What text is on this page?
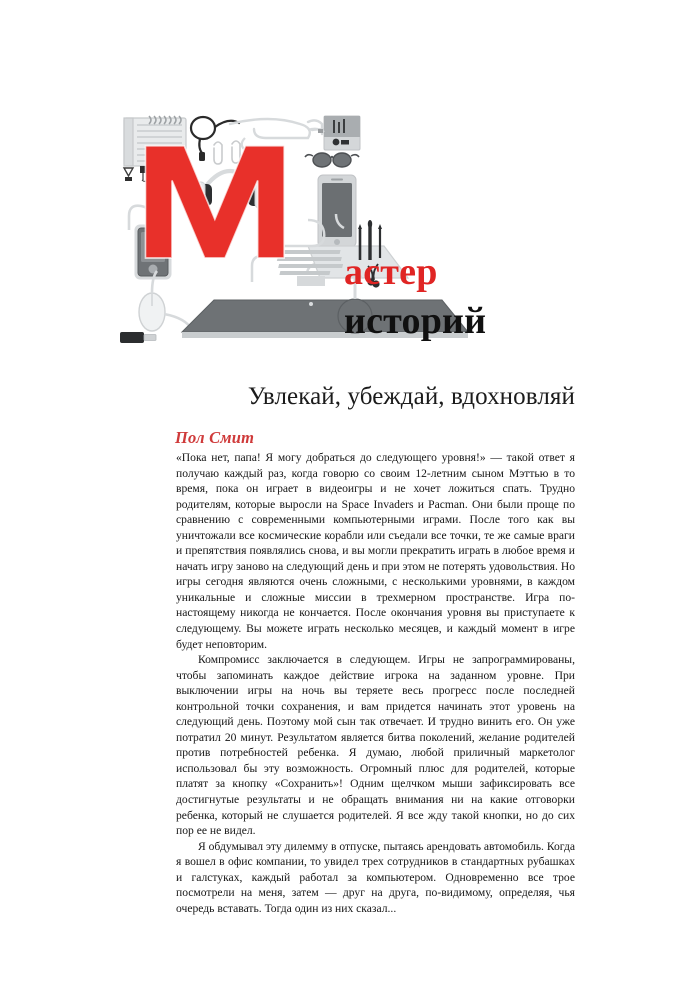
астер
историй
Увлекай, убеждай, вдохновляй
Пол Смит

«Пока нет, папа! Я могу добраться до следующего уровня!» — такой ответ я получаю каждый раз, когда говорю со своим 12-летним сыном Мэттью в то время, пока он играет в видеоигры и не хочет ложиться спать. Трудно родителям, которые выросли на Space Invaders и Pacman. Они были проще по сравнению с современными компьютерными играми. После того как вы уничтожали все космические корабли или съедали все точки, те же самые враги и препятствия появлялись снова, и вы могли прекратить играть в любое время и начать игру заново на следующий день и при этом не потерять удовольствия. Но игры сегодня являются очень сложными, с несколькими уровнями, в каждом уникальные и сложные миссии в трехмерном пространстве. Игра по-настоящему никогда не кончается. После окончания уровня вы приступаете к следующему. Вы можете играть несколько месяцев, и каждый момент в игре будет неповторим.

Компромисс заключается в следующем. Игры не запрограммированы, чтобы запоминать каждое действие игрока на заданном уровне. При выключении игры на ночь вы теряете весь прогресс после последней контрольной точки сохранения, и вам придется начинать этот уровень на следующий день. Поэтому мой сын так отвечает. И трудно винить его. Он уже потратил 20 минут. Результатом является битва поколений, желание родителей против потребностей ребенка. Я думаю, любой приличный маркетолог использовал бы эту возможность. Огромный плюс для родителей, которые платят за кнопку «Сохранить»! Одним щелчком мыши зафиксировать все достигнутые результаты и не обращать внимания ни на какие отговорки ребенка, который не слушается родителей. Я все жду такой кнопки, но до сих пор ее не видел.

Я обдумывал эту дилемму в отпуске, пытаясь арендовать автомобиль. Когда я вошел в офис компании, то увидел трех сотрудников в стандартных рубашках и галстуках, каждый работал за компьютером. Одновременно все трое посмотрели на меня, затем — друг на друга, по-видимому, определяя, чья очередь вставать. Тогда один из них сказал...
